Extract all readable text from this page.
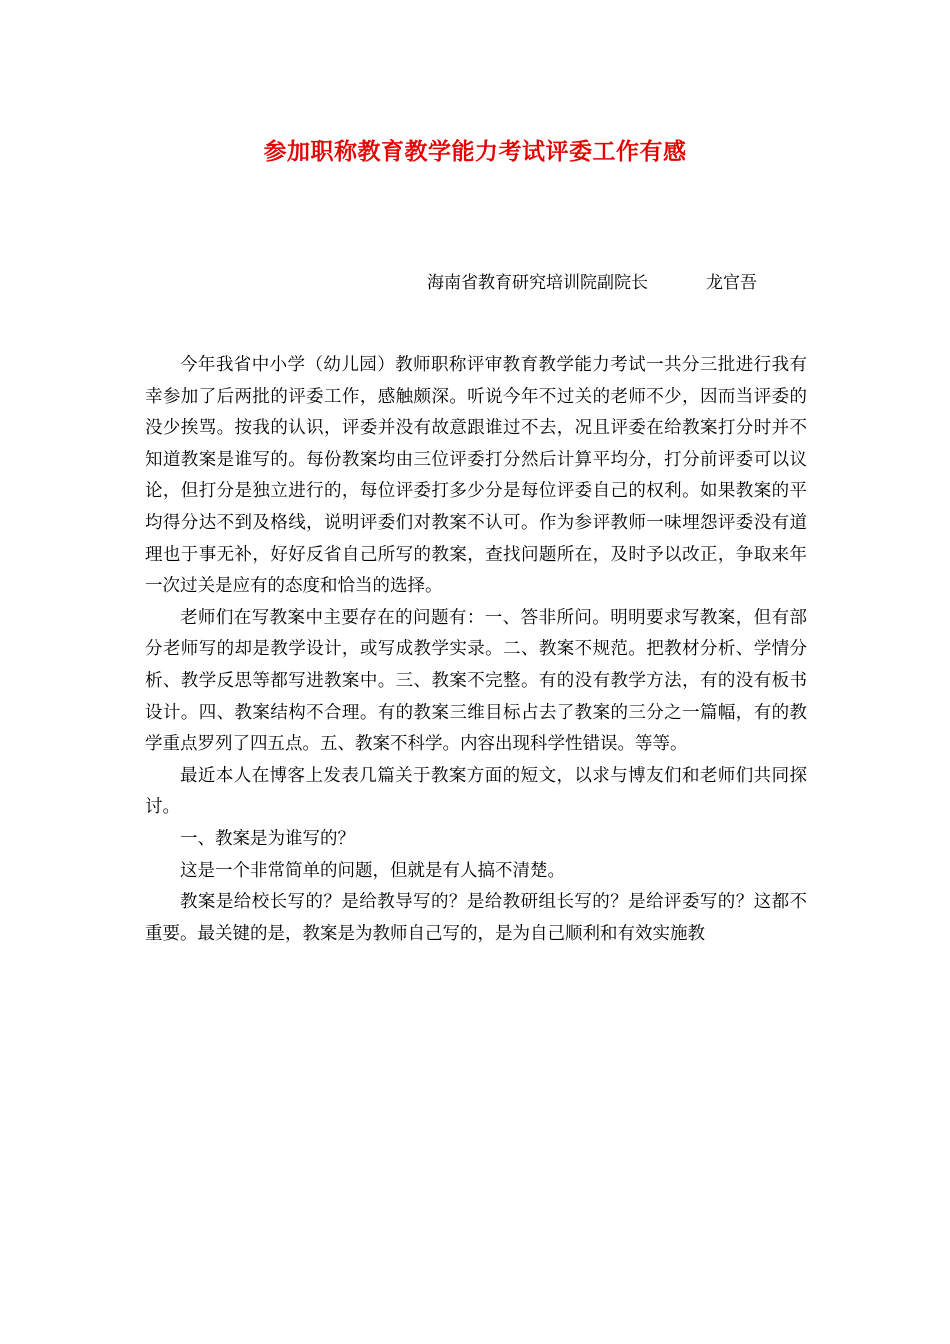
参加职称教育教学能力考试评委工作有感
海南省教育研究培训院副院长	龙官吾

今年我省中小学（幼儿园）教师职称评审教育教学能力考试一共分三批进行我有幸参加了后两批的评委工作，感触颇深。听说今年不过关的老师不少，因而当评委的没少挨骂。按我的认识，评委并没有故意跟谁过不去，况且评委在给教案打分时并不知道教案是谁写的。每份教案均由三位评委打分然后计算平均分，打分前评委可以议论，但打分是独立进行的，每位评委打多少分是每位评委自己的权利。如果教案的平均得分达不到及格线，说明评委们对教案不认可。作为参评教师一味埋怨评委没有道理也于事无补，好好反省自己所写的教案，查找问题所在，及时予以改正，争取来年一次过关是应有的态度和恰当的选择。

老师们在写教案中主要存在的问题有：一、答非所问。明明要求写教案，但有部分老师写的却是教学设计，或写成教学实录。二、教案不规范。把教材分析、学情分析、教学反思等都写进教案中。三、教案不完整。有的没有教学方法，有的没有板书设计。四、教案结构不合理。有的教案三维目标占去了教案的三分之一篇幅，有的教学重点罗列了四五点。五、教案不科学。内容出现科学性错误。等等。

最近本人在博客上发表几篇关于教案方面的短文，以求与博友们和老师们共同探讨。

一、教案是为谁写的？

这是一个非常简单的问题，但就是有人搞不清楚。

教案是给校长写的？是给教导写的？是给教研组长写的？是给评委写的？这都不重要。最关键的是，教案是为教师自己写的，是为自己顺利和有效实施教
